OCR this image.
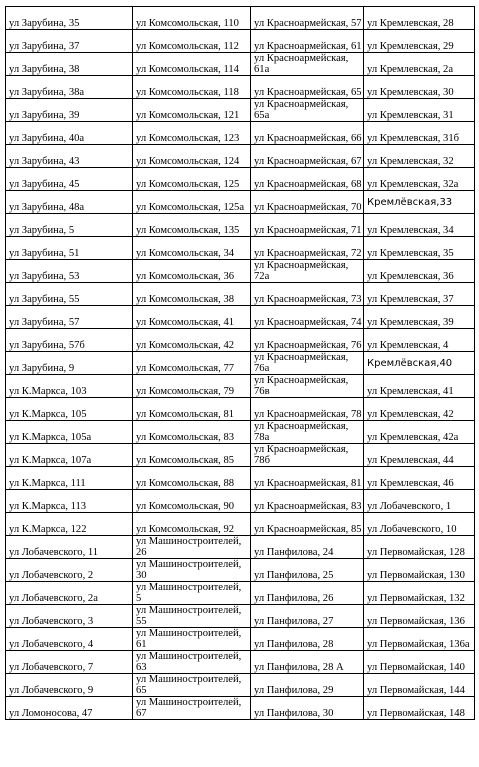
ул Зарубина, 35	ул Комсомольская, 110	ул Красноармейская, 57	ул Кремлевская, 28
ул Зарубина, 37	ул Комсомольская, 112	ул Красноармейская, 61	ул Кремлевская, 29
ул Зарубина, 38	ул Комсомольская, 114	ул Красноармейская, 61а	ул Кремлевская, 2а
ул Зарубина, 38а	ул Комсомольская, 118	ул Красноармейская, 65	ул Кремлевская, 30
ул Зарубина, 39	ул Комсомольская, 121	ул Красноармейская, 65а	ул Кремлевская, 31
ул Зарубина, 40а	ул Комсомольская, 123	ул Красноармейская, 66	ул Кремлевская, 31б
ул Зарубина, 43	ул Комсомольская, 124	ул Красноармейская, 67	ул Кремлевская, 32
ул Зарубина, 45	ул Комсомольская, 125	ул Красноармейская, 68	ул Кремлевская, 32а
ул Зарубина, 48а	ул Комсомольская, 125а	ул Красноармейская, 70	Кремлёвская,33
ул Зарубина, 5	ул Комсомольская, 135	ул Красноармейская, 71	ул Кремлевская, 34
ул Зарубина, 51	ул Комсомольская, 34	ул Красноармейская, 72	ул Кремлевская, 35
ул Зарубина, 53	ул Комсомольская, 36	ул Красноармейская, 72а	ул Кремлевская, 36
ул Зарубина, 55	ул Комсомольская, 38	ул Красноармейская, 73	ул Кремлевская, 37
ул Зарубина, 57	ул Комсомольская, 41	ул Красноармейская, 74	ул Кремлевская, 39
ул Зарубина, 57б	ул Комсомольская, 42	ул Красноармейская, 76	ул Кремлевская, 4
ул Зарубина, 9	ул Комсомольская, 77	ул Красноармейская, 76а	Кремлёвская,40
ул К.Маркса, 103	ул Комсомольская, 79	ул Красноармейская, 76в	ул Кремлевская, 41
ул К.Маркса, 105	ул Комсомольская, 81	ул Красноармейская, 78	ул Кремлевская, 42
ул К.Маркса, 105а	ул Комсомольская, 83	ул Красноармейская, 78а	ул Кремлевская, 42а
ул К.Маркса, 107а	ул Комсомольская, 85	ул Красноармейская, 78б	ул Кремлевская, 44
ул К.Маркса, 111	ул Комсомольская, 88	ул Красноармейская, 81	ул Кремлевская, 46
ул К.Маркса, 113	ул Комсомольская, 90	ул Красноармейская, 83	ул Лобачевского, 1
ул К.Маркса, 122	ул Комсомольская, 92	ул Красноармейская, 85	ул Лобачевского, 10
ул Лобачевского, 11	ул Машиностроителей, 26	ул Панфилова, 24	ул Первомайская, 128
ул Лобачевского, 2	ул Машиностроителей, 30	ул Панфилова, 25	ул Первомайская, 130
ул Лобачевского, 2а	ул Машиностроителей, 5	ул Панфилова, 26	ул Первомайская, 132
ул Лобачевского, 3	ул Машиностроителей, 55	ул Панфилова, 27	ул Первомайская, 136
ул Лобачевского, 4	ул Машиностроителей, 61	ул Панфилова, 28	ул Первомайская, 136а
ул Лобачевского, 7	ул Машиностроителей, 63	ул Панфилова, 28 А	ул Первомайская, 140
ул Лобачевского, 9	ул Машиностроителей, 65	ул Панфилова, 29	ул Первомайская, 144
ул Ломоносова, 47	ул Машиностроителей, 67	ул Панфилова, 30	ул Первомайская, 148
